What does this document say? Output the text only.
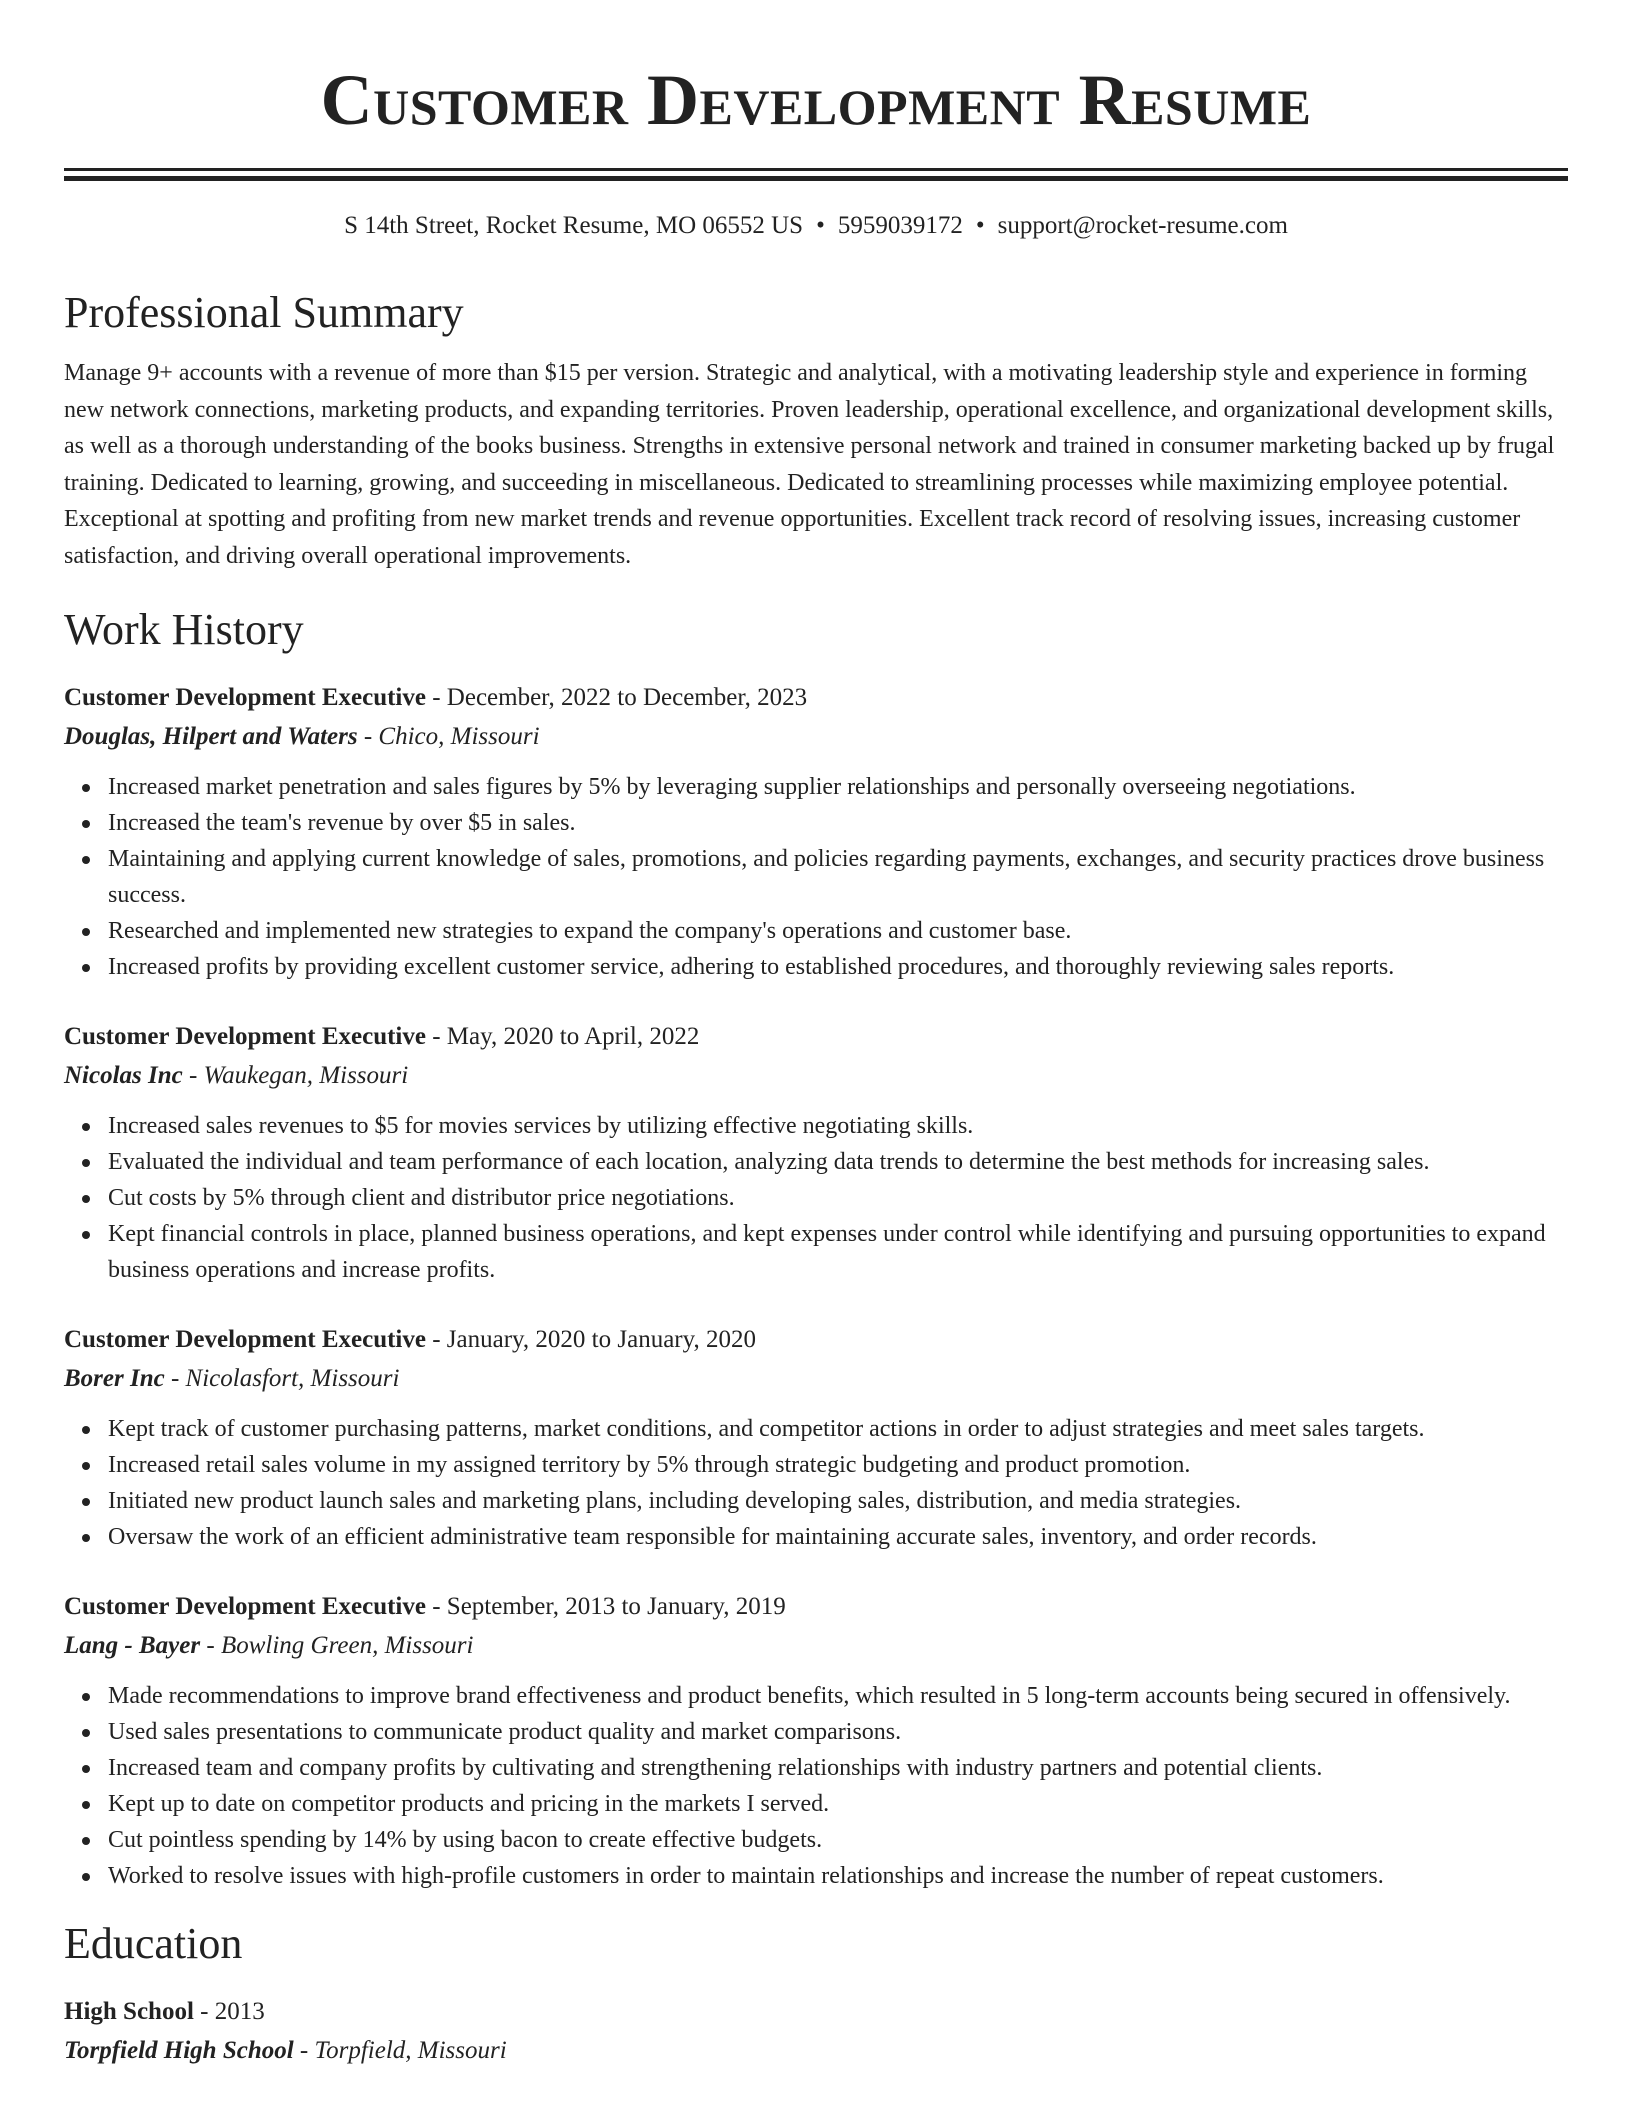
Customer Development Resume
S 14th Street, Rocket Resume, MO 06552 US • 5959039172 • support@rocket-resume.com
Professional Summary

Manage 9+ accounts with a revenue of more than $15 per version. Strategic and analytical, with a motivating leadership style and experience in forming new network connections, marketing products, and expanding territories. Proven leadership, operational excellence, and organizational development skills, as well as a thorough understanding of the books business. Strengths in extensive personal network and trained in consumer marketing backed up by frugal training. Dedicated to learning, growing, and succeeding in miscellaneous. Dedicated to streamlining processes while maximizing employee potential. Exceptional at spotting and profiting from new market trends and revenue opportunities. Excellent track record of resolving issues, increasing customer satisfaction, and driving overall operational improvements.

Work History
Customer Development Executive - December, 2022 to December, 2023
Douglas, Hilpert and Waters - Chico, Missouri
Increased market penetration and sales figures by 5% by leveraging supplier relationships and personally overseeing negotiations.
Increased the team's revenue by over $5 in sales.
Maintaining and applying current knowledge of sales, promotions, and policies regarding payments, exchanges, and security practices drove business success.
Researched and implemented new strategies to expand the company's operations and customer base.
Increased profits by providing excellent customer service, adhering to established procedures, and thoroughly reviewing sales reports.
Customer Development Executive - May, 2020 to April, 2022
Nicolas Inc - Waukegan, Missouri
Increased sales revenues to $5 for movies services by utilizing effective negotiating skills.
Evaluated the individual and team performance of each location, analyzing data trends to determine the best methods for increasing sales.
Cut costs by 5% through client and distributor price negotiations.
Kept financial controls in place, planned business operations, and kept expenses under control while identifying and pursuing opportunities to expand business operations and increase profits.
Customer Development Executive - January, 2020 to January, 2020
Borer Inc - Nicolasfort, Missouri
Kept track of customer purchasing patterns, market conditions, and competitor actions in order to adjust strategies and meet sales targets.
Increased retail sales volume in my assigned territory by 5% through strategic budgeting and product promotion.
Initiated new product launch sales and marketing plans, including developing sales, distribution, and media strategies.
Oversaw the work of an efficient administrative team responsible for maintaining accurate sales, inventory, and order records.
Customer Development Executive - September, 2013 to January, 2019
Lang - Bayer - Bowling Green, Missouri
Made recommendations to improve brand effectiveness and product benefits, which resulted in 5 long-term accounts being secured in offensively.
Used sales presentations to communicate product quality and market comparisons.
Increased team and company profits by cultivating and strengthening relationships with industry partners and potential clients.
Kept up to date on competitor products and pricing in the markets I served.
Cut pointless spending by 14% by using bacon to create effective budgets.
Worked to resolve issues with high-profile customers in order to maintain relationships and increase the number of repeat customers.
Education
High School - 2013
Torpfield High School - Torpfield, Missouri
